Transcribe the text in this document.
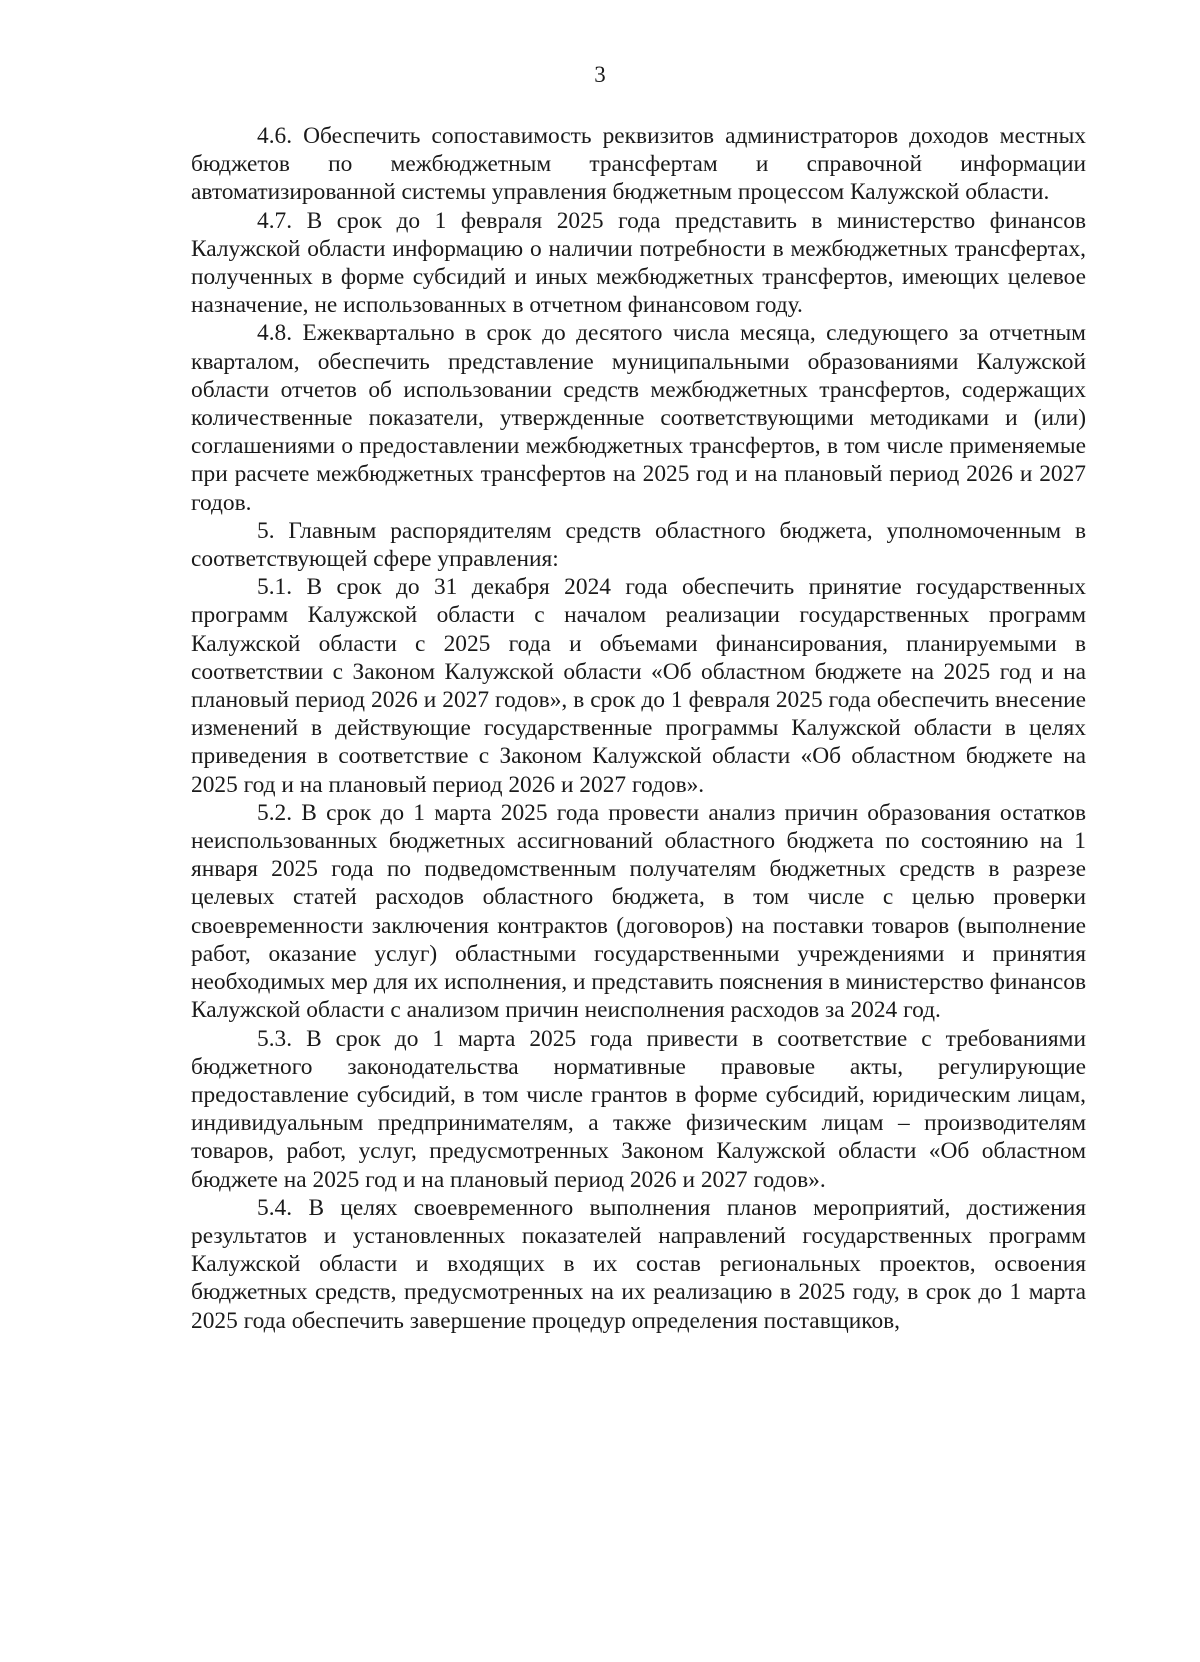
3

4.6. Обеспечить сопоставимость реквизитов администраторов доходов местных бюджетов по межбюджетным трансфертам и справочной информации автоматизированной системы управления бюджетным процессом Калужской области.

4.7. В срок до 1 февраля 2025 года представить в министерство финансов Калужской области информацию о наличии потребности в межбюджетных трансфертах, полученных в форме субсидий и иных межбюджетных трансфертов, имеющих целевое назначение, не использованных в отчетном финансовом году.

4.8. Ежеквартально в срок до десятого числа месяца, следующего за отчетным кварталом, обеспечить представление муниципальными образованиями Калужской области отчетов об использовании средств межбюджетных трансфертов, содержащих количественные показатели, утвержденные соответствующими методиками и (или) соглашениями о предоставлении межбюджетных трансфертов, в том числе применяемые при расчете межбюджетных трансфертов на 2025 год и на плановый период 2026 и 2027 годов.

5. Главным распорядителям средств областного бюджета, уполномоченным в соответствующей сфере управления:

5.1. В срок до 31 декабря 2024 года обеспечить принятие государственных программ Калужской области с началом реализации государственных программ Калужской области с 2025 года и объемами финансирования, планируемыми в соответствии с Законом Калужской области «Об областном бюджете на 2025 год и на плановый период 2026 и 2027 годов», в срок до 1 февраля 2025 года обеспечить внесение изменений в действующие государственные программы Калужской области в целях приведения в соответствие с Законом Калужской области «Об областном бюджете на 2025 год и на плановый период 2026 и 2027 годов».

5.2. В срок до 1 марта 2025 года провести анализ причин образования остатков неиспользованных бюджетных ассигнований областного бюджета по состоянию на 1 января 2025 года по подведомственным получателям бюджетных средств в разрезе целевых статей расходов областного бюджета, в том числе с целью проверки своевременности заключения контрактов (договоров) на поставки товаров (выполнение работ, оказание услуг) областными государственными учреждениями и принятия необходимых мер для их исполнения, и представить пояснения в министерство финансов Калужской области с анализом причин неисполнения расходов за 2024 год.

5.3. В срок до 1 марта 2025 года привести в соответствие с требованиями бюджетного законодательства нормативные правовые акты, регулирующие предоставление субсидий, в том числе грантов в форме субсидий, юридическим лицам, индивидуальным предпринимателям, а также физическим лицам – производителям товаров, работ, услуг, предусмотренных Законом Калужской области «Об областном бюджете на 2025 год и на плановый период 2026 и 2027 годов».

5.4. В целях своевременного выполнения планов мероприятий, достижения результатов и установленных показателей направлений государственных программ Калужской области и входящих в их состав региональных проектов, освоения бюджетных средств, предусмотренных на их реализацию в 2025 году, в срок до 1 марта 2025 года обеспечить завершение процедур определения поставщиков,
